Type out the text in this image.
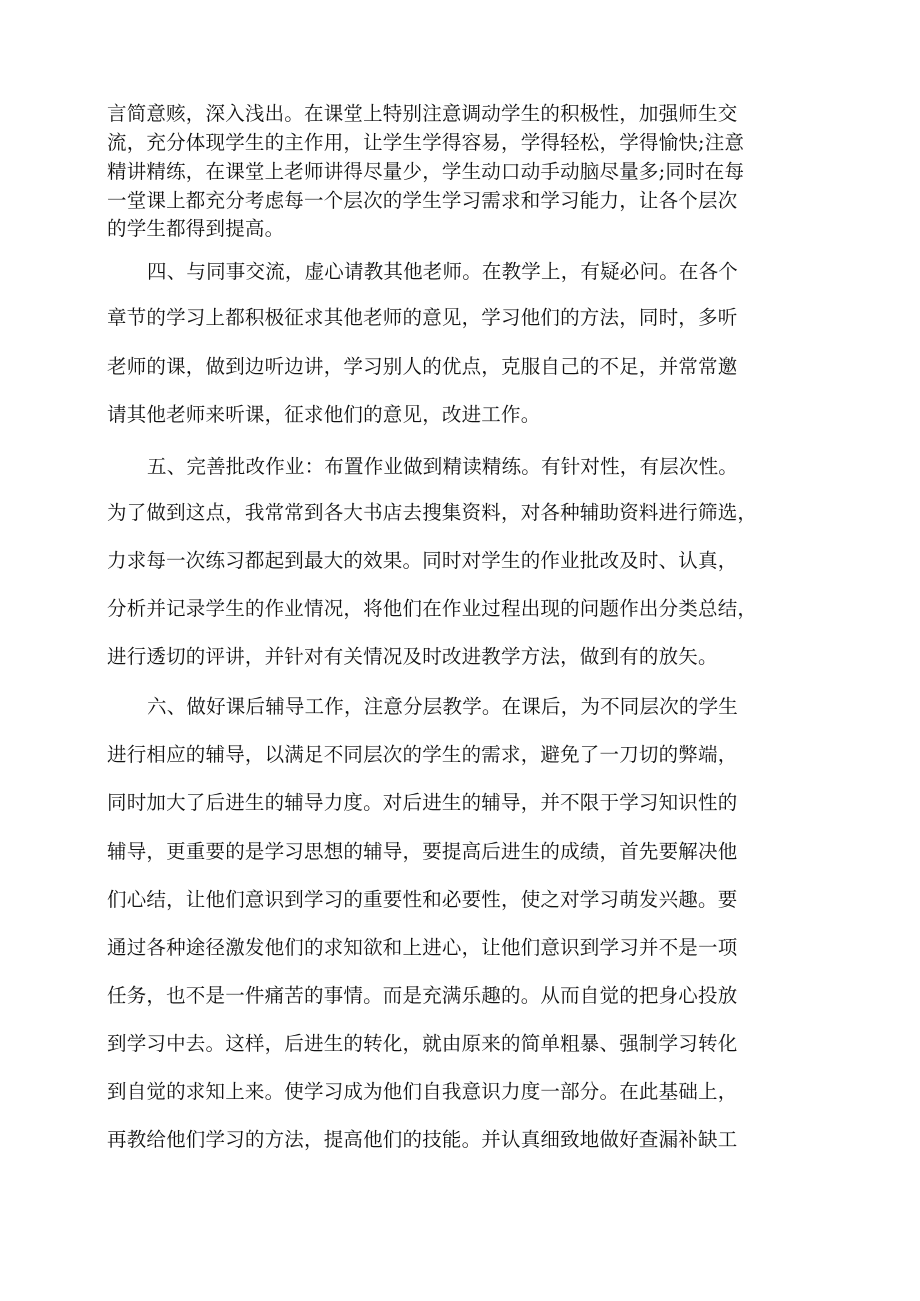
言简意赅，深入浅出。在课堂上特别注意调动学生的积极性，加强师生交
流，充分体现学生的主作用，让学生学得容易，学得轻松，学得愉快;注意
精讲精练，在课堂上老师讲得尽量少，学生动口动手动脑尽量多;同时在每
一堂课上都充分考虑每一个层次的学生学习需求和学习能力，让各个层次
的学生都得到提高。
四、与同事交流，虚心请教其他老师。在教学上，有疑必问。在各个
章节的学习上都积极征求其他老师的意见，学习他们的方法，同时，多听
老师的课，做到边听边讲，学习别人的优点，克服自己的不足，并常常邀
请其他老师来听课，征求他们的意见，改进工作。
五、完善批改作业：布置作业做到精读精练。有针对性，有层次性。
为了做到这点，我常常到各大书店去搜集资料，对各种辅助资料进行筛选，
力求每一次练习都起到最大的效果。同时对学生的作业批改及时、认真，
分析并记录学生的作业情况，将他们在作业过程出现的问题作出分类总结，
进行透切的评讲，并针对有关情况及时改进教学方法，做到有的放矢。
六、做好课后辅导工作，注意分层教学。在课后，为不同层次的学生
进行相应的辅导，以满足不同层次的学生的需求，避免了一刀切的弊端，
同时加大了后进生的辅导力度。对后进生的辅导，并不限于学习知识性的
辅导，更重要的是学习思想的辅导，要提高后进生的成绩，首先要解决他
们心结，让他们意识到学习的重要性和必要性，使之对学习萌发兴趣。要
通过各种途径激发他们的求知欲和上进心，让他们意识到学习并不是一项
任务，也不是一件痛苦的事情。而是充满乐趣的。从而自觉的把身心投放
到学习中去。这样，后进生的转化，就由原来的简单粗暴、强制学习转化
到自觉的求知上来。使学习成为他们自我意识力度一部分。在此基础上，
再教给他们学习的方法，提高他们的技能。并认真细致地做好查漏补缺工
